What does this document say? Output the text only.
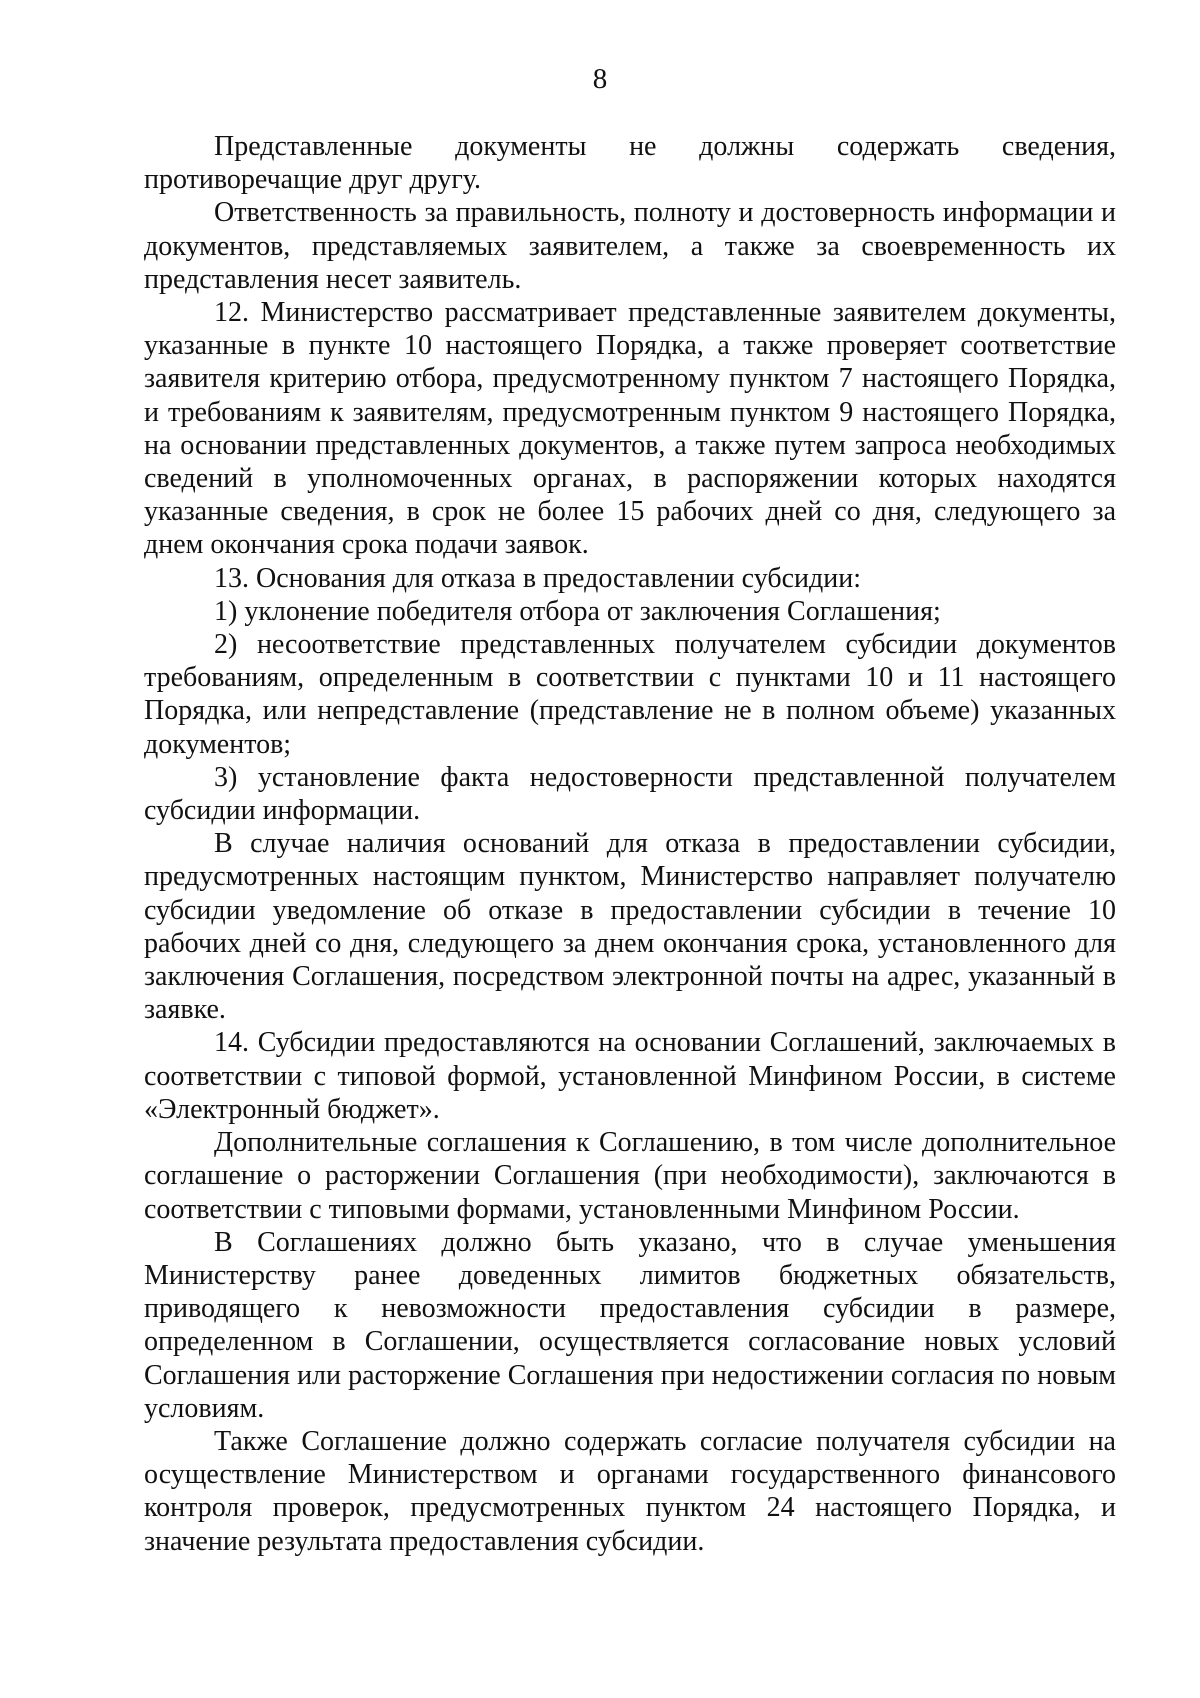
8

Представленные документы не должны содержать сведения, противоречащие друг другу.

Ответственность за правильность, полноту и достоверность информации и документов, представляемых заявителем, а также за своевременность их представления несет заявитель.

12. Министерство рассматривает представленные заявителем документы, указанные в пункте 10 настоящего Порядка, а также проверяет соответствие заявителя критерию отбора, предусмотренному пунктом 7 настоящего Порядка, и требованиям к заявителям, предусмотренным пунктом 9 настоящего Порядка, на основании представленных документов, а также путем запроса необходимых сведений в уполномоченных органах, в распоряжении которых находятся указанные сведения, в срок не более 15 рабочих дней со дня, следующего за днем окончания срока подачи заявок.

13. Основания для отказа в предоставлении субсидии:

1) уклонение победителя отбора от заключения Соглашения;

2) несоответствие представленных получателем субсидии документов требованиям, определенным в соответствии с пунктами 10 и 11 настоящего Порядка, или непредставление (представление не в полном объеме) указанных документов;

3) установление факта недостоверности представленной получателем субсидии информации.

В случае наличия оснований для отказа в предоставлении субсидии, предусмотренных настоящим пунктом, Министерство направляет получателю субсидии уведомление об отказе в предоставлении субсидии в течение 10 рабочих дней со дня, следующего за днем окончания срока, установленного для заключения Соглашения, посредством электронной почты на адрес, указанный в заявке.

14. Субсидии предоставляются на основании Соглашений, заключаемых в соответствии с типовой формой, установленной Минфином России, в системе «Электронный бюджет».

Дополнительные соглашения к Соглашению, в том числе дополнительное соглашение о расторжении Соглашения (при необходимости), заключаются в соответствии с типовыми формами, установленными Минфином России.

В Соглашениях должно быть указано, что в случае уменьшения Министерству ранее доведенных лимитов бюджетных обязательств, приводящего к невозможности предоставления субсидии в размере, определенном в Соглашении, осуществляется согласование новых условий Соглашения или расторжение Соглашения при недостижении согласия по новым условиям.

Также Соглашение должно содержать согласие получателя субсидии на осуществление Министерством и органами государственного финансового контроля проверок, предусмотренных пунктом 24 настоящего Порядка, и значение результата предоставления субсидии.
